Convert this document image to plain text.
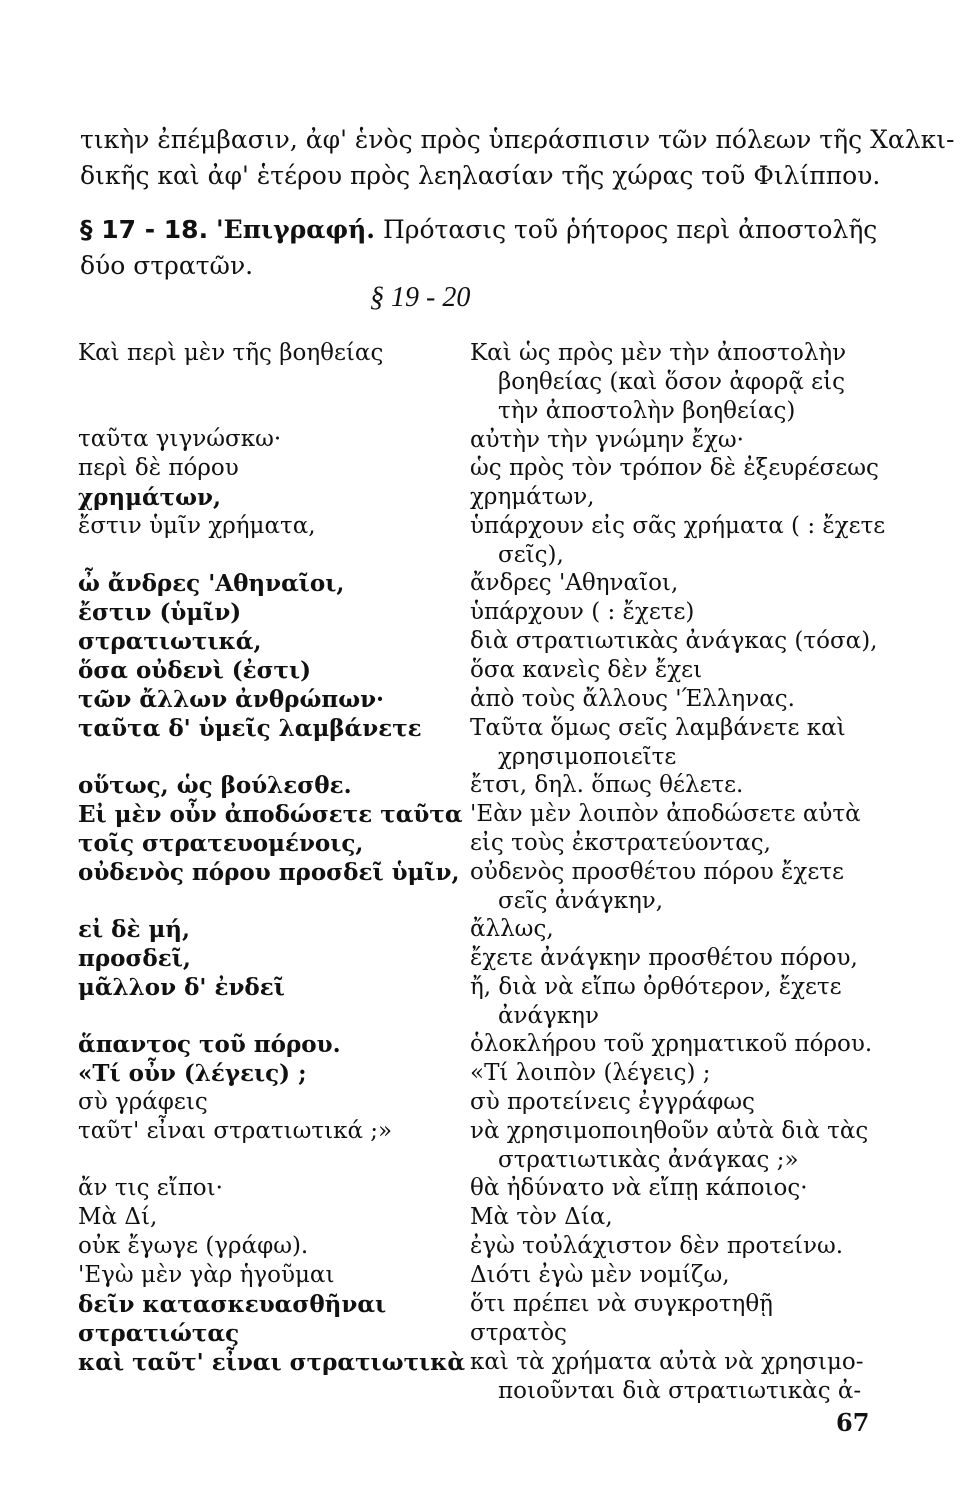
τικὴν ἐπέμβασιν, ἀφ' ἑνὸς πρὸς ὑπεράσπισιν τῶν πόλεων τῆς Χαλκι-

δικῆς καὶ ἀφ' ἑτέρου πρὸς λεηλασίαν τῆς χώρας τοῦ Φιλίππου.

§ 17 - 18. 'Επιγραφή. Πρότασις τοῦ ῥήτορος περὶ ἀποστολῆς
δύο στρατῶν.
§ 19 - 20
Καὶ περὶ μὲν τῆς βοηθείας
ταῦτα γιγνώσκω·
περὶ δὲ πόρου
χρημάτων,
ἔστιν ὑμῖν χρήματα,
ὦ ἄνδρες 'Αθηναῖοι,
ἔστιν (ὑμῖν)
στρατιωτικά,
ὅσα οὐδενὶ (ἐστι)
τῶν ἄλλων ἀνθρώπων·
ταῦτα δ' ὑμεῖς λαμβάνετε
οὕτως, ὡς βούλεσθε.
Εἰ μὲν οὖν ἀποδώσετε ταῦτα
τοῖς στρατευομένοις,
οὐδενὸς πόρου προσδεῖ ὑμῖν,
εἰ δὲ μή,
προσδεῖ,
μᾶλλον δ' ἐνδεῖ
ἅπαντος τοῦ πόρου.
«Τί οὖν (λέγεις) ;
σὺ γράφεις
ταῦτ' εἶναι στρατιωτικά ;»
ἄν τις εἴποι·
Μὰ Δί,
οὐκ ἔγωγε (γράφω).
'Εγὼ μὲν γὰρ ἡγοῦμαι
δεῖν κατασκευασθῆναι
στρατιώτας
καὶ ταῦτ' εἶναι στρατιωτικὰ
Καὶ ὡς πρὸς μὲν τὴν ἀποστολὴν
βοηθείας (καὶ ὅσον ἀφορᾷ εἰς
τὴν ἀποστολὴν βοηθείας)
αὐτὴν τὴν γνώμην ἔχω·
ὡς πρὸς τὸν τρόπον δὲ ἐξευρέσεως
χρημάτων,
ὑπάρχουν εἰς σᾶς χρήματα ( : ἔχετε
σεῖς),
ἄνδρες 'Αθηναῖοι,
ὑπάρχουν ( : ἔχετε)
διὰ στρατιωτικὰς ἀνάγκας (τόσα),
ὅσα κανεὶς δὲν ἔχει
ἀπὸ τοὺς ἄλλους 'Έλληνας.
Ταῦτα ὅμως σεῖς λαμβάνετε καὶ
χρησιμοποιεῖτε
ἔτσι, δηλ. ὅπως θέλετε.
'Εὰν μὲν λοιπὸν ἀποδώσετε αὐτὰ
εἰς τοὺς ἐκστρατεύοντας,
οὐδενὸς προσθέτου πόρου ἔχετε
σεῖς ἀνάγκην,
ἄλλως,
ἔχετε ἀνάγκην προσθέτου πόρου,
ἤ, διὰ νὰ εἴπω ὀρθότερον, ἔχετε
ἀνάγκην
ὁλοκλήρου τοῦ χρηματικοῦ πόρου.
«Τί λοιπὸν (λέγεις) ;
σὺ προτείνεις ἐγγράφως
νὰ χρησιμοποιηθοῦν αὐτὰ διὰ τὰς
στρατιωτικὰς ἀνάγκας ;»
θὰ ἠδύνατο νὰ εἴπῃ κάποιος·
Μὰ τὸν Δία,
ἐγὼ τοὐλάχιστον δὲν προτείνω.
Διότι ἐγὼ μὲν νομίζω,
ὅτι πρέπει νὰ συγκροτηθῇ
στρατὸς
καὶ τὰ χρήματα αὐτὰ νὰ χρησιμο-
ποιοῦνται διὰ στρατιωτικὰς ἀ-
67
